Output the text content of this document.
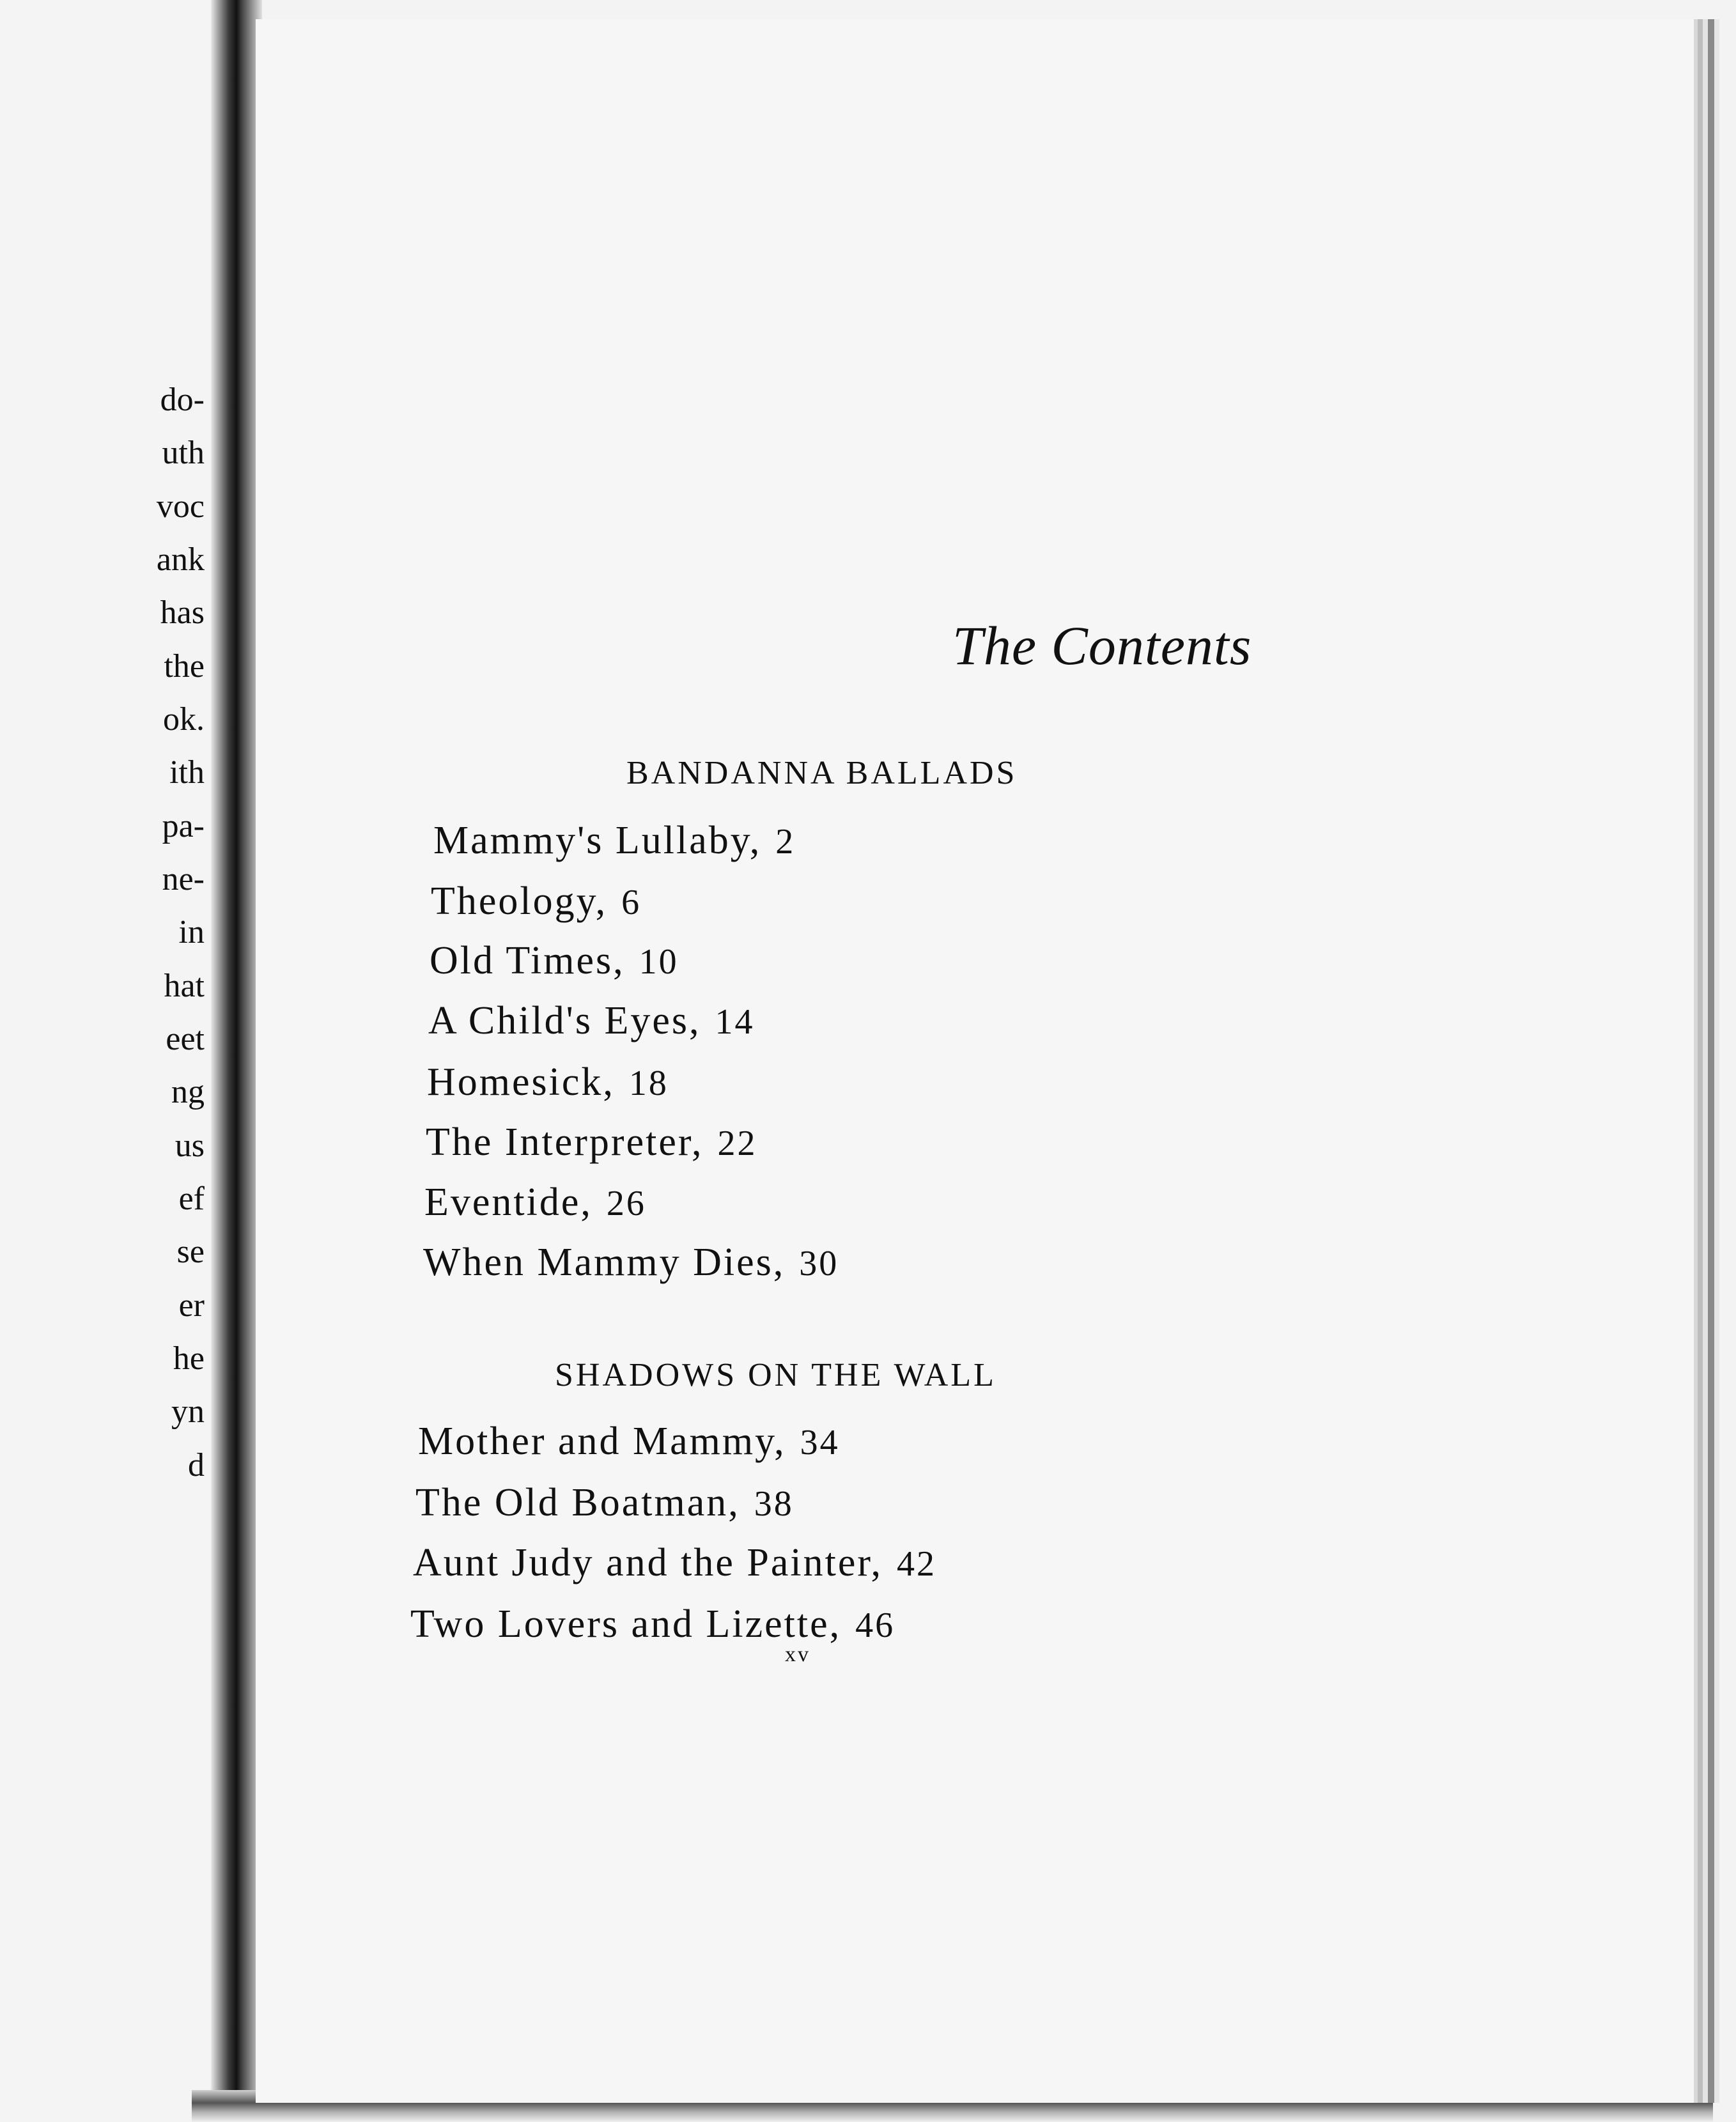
do-
uth
voc
ank
has
the
ok.
ith
pa-
ne-
in
hat
eet
ng
us
ef
se
er
he
yn
d
The Contents
BANDANNA BALLADS
Mammy's Lullaby, 2
Theology, 6
Old Times, 10
A Child's Eyes, 14
Homesick, 18
The Interpreter, 22
Eventide, 26
When Mammy Dies, 30
SHADOWS ON THE WALL
Mother and Mammy, 34
The Old Boatman, 38
Aunt Judy and the Painter, 42
Two Lovers and Lizette, 46
xv
